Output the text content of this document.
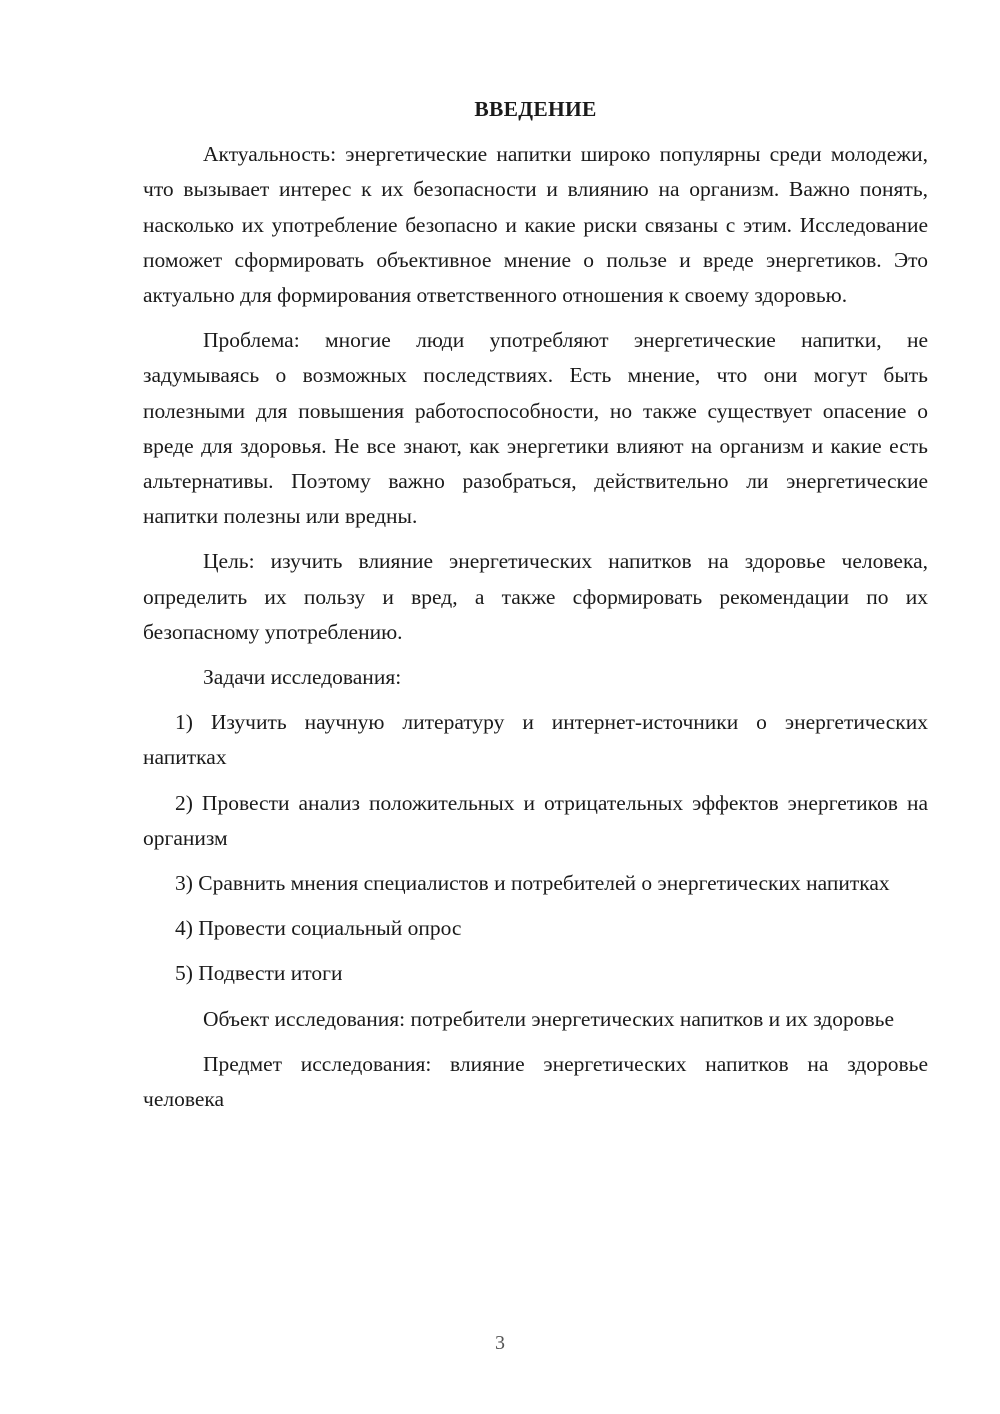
ВВЕДЕНИЕ

Актуальность: энергетические напитки широко популярны среди молодежи, что вызывает интерес к их безопасности и влиянию на организм. Важно понять, насколько их употребление безопасно и какие риски связаны с этим. Исследование поможет сформировать объективное мнение о пользе и вреде энергетиков. Это актуально для формирования ответственного отношения к своему здоровью.

Проблема: многие люди употребляют энергетические напитки, не задумываясь о возможных последствиях. Есть мнение, что они могут быть полезными для повышения работоспособности, но также существует опасение о вреде для здоровья. Не все знают, как энергетики влияют на организм и какие есть альтернативы. Поэтому важно разобраться, действительно ли энергетические напитки полезны или вредны.

Цель: изучить влияние энергетических напитков на здоровье человека, определить их пользу и вред, а также сформировать рекомендации по их безопасному употреблению.

Задачи исследования:

1) Изучить научную литературу и интернет-источники о энергетических напитках

2) Провести анализ положительных и отрицательных эффектов энергетиков на организм

3) Сравнить мнения специалистов и потребителей о энергетических напитках

4) Провести социальный опрос

5) Подвести итоги

Объект исследования: потребители энергетических напитков и их здоровье

Предмет исследования: влияние энергетических напитков на здоровье человека

3
